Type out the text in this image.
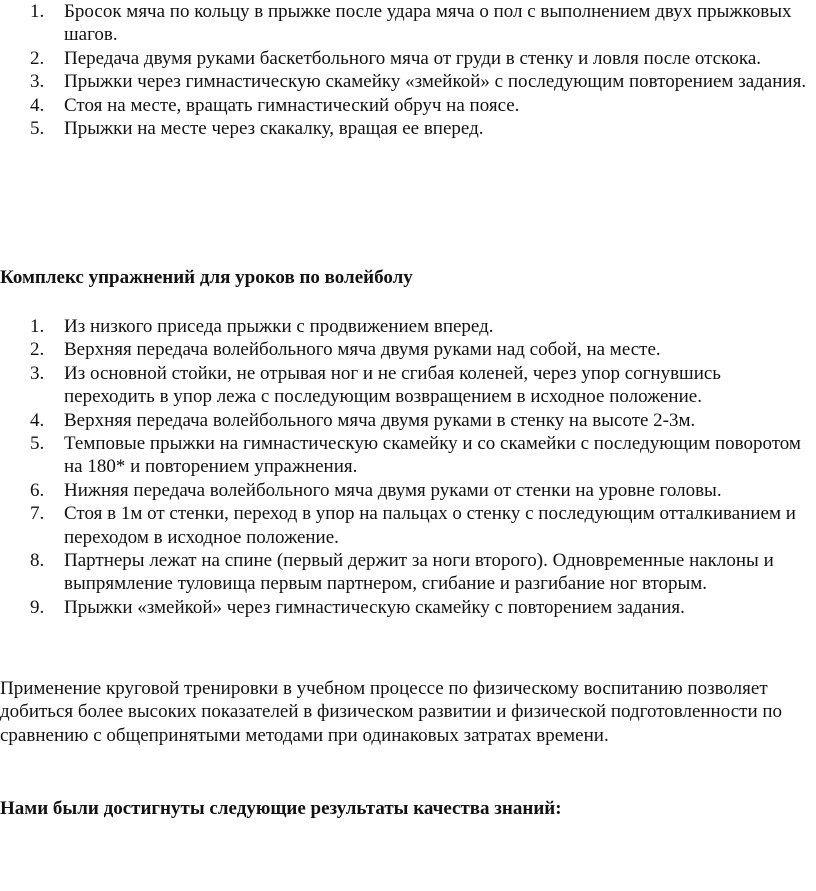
1. Бросок мяча по кольцу в прыжке после удара мяча о пол с выполнением двух прыжковых шагов.
2. Передача двумя руками баскетбольного мяча от груди в стенку и ловля после отскока.
3. Прыжки через гимнастическую скамейку «змейкой» с последующим повторением задания.
4. Стоя на месте, вращать гимнастический обруч на поясе.
5. Прыжки на месте через скакалку, вращая ее вперед.
Комплекс упражнений для уроков по волейболу
1. Из низкого приседа прыжки с продвижением вперед.
2. Верхняя передача волейбольного мяча двумя руками над собой, на месте.
3. Из основной стойки, не отрывая ног и не сгибая коленей, через упор согнувшись переходить в упор лежа с последующим возвращением в исходное положение.
4. Верхняя передача волейбольного мяча двумя руками в стенку на высоте 2-3м.
5. Темповые прыжки на гимнастическую скамейку и со скамейки с последующим поворотом на 180* и повторением упражнения.
6. Нижняя передача волейбольного мяча двумя руками от стенки на уровне головы.
7. Стоя в 1м от стенки, переход в упор на пальцах о стенку с последующим отталкиванием и переходом в исходное положение.
8. Партнеры лежат на спине (первый держит за ноги второго). Одновременные наклоны и выпрямление туловища первым партнером, сгибание и разгибание ног вторым.
9. Прыжки «змейкой» через гимнастическую скамейку с повторением задания.

Применение круговой тренировки в учебном процессе по физическому воспитанию позволяет добиться более высоких показателей в физическом развитии и физической подготовленности по сравнению с общепринятыми методами при одинаковых затратах времени.

Нами были достигнуты следующие результаты качества знаний:
